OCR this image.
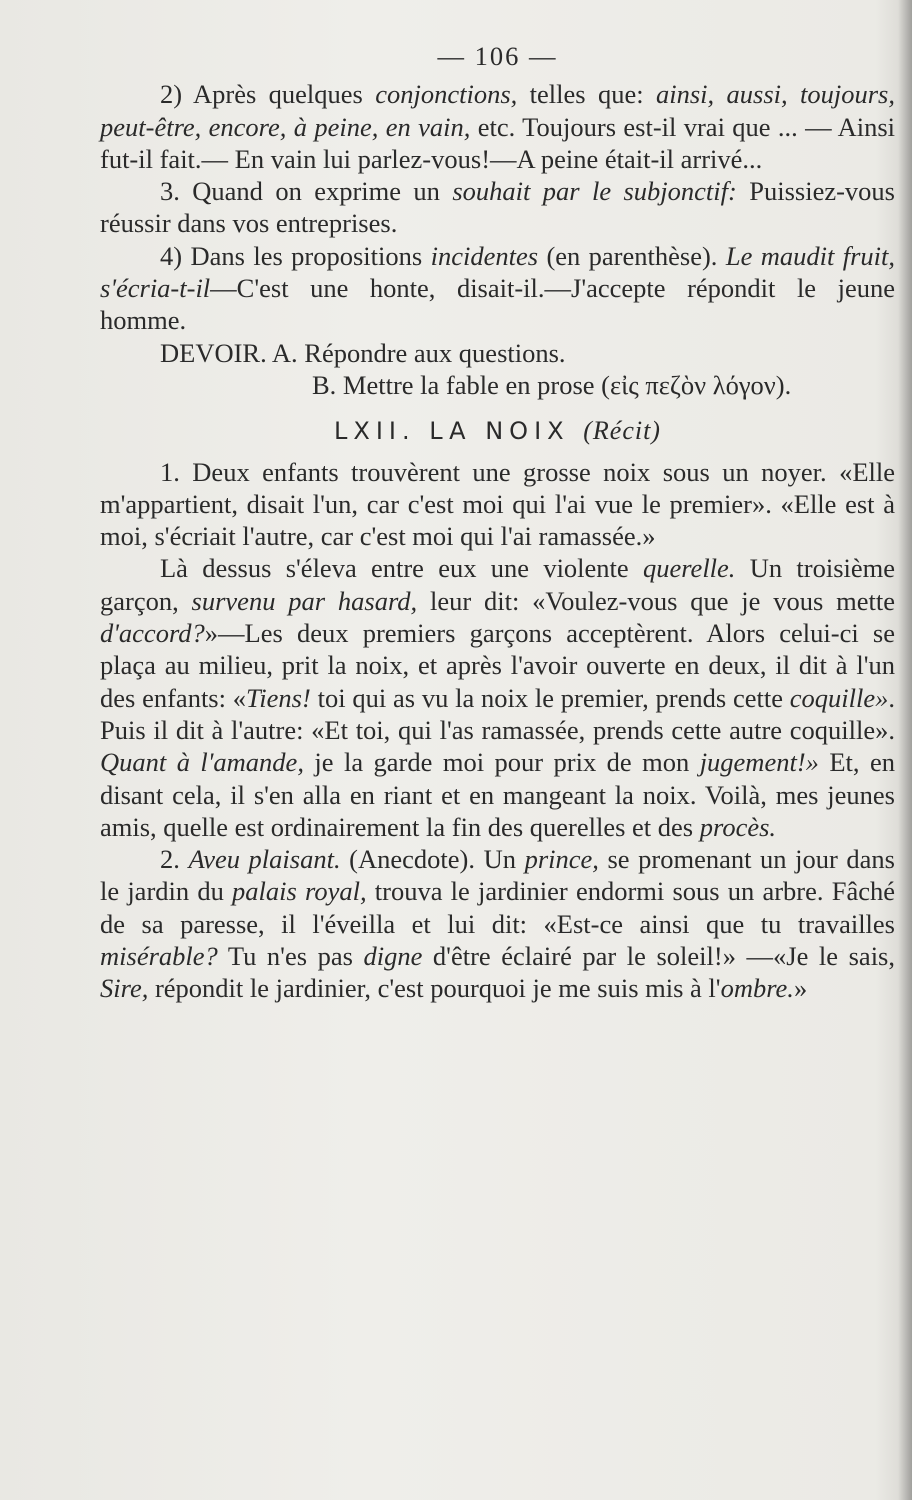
— 106 —

2) Après quelques conjonctions, telles que: ainsi, aussi, toujours, peut-être, encore, à peine, en vain, etc. Toujours est-il vrai que ... — Ainsi fut-il fait.— En vain lui parlez-vous!—A peine était-il arrivé...

3. Quand on exprime un souhait par le subjonctif: Puissiez-vous réussir dans vos entreprises.

4) Dans les propositions incidentes (en parenthèse). Le maudit fruit, s'écria-t-il—C'est une honte, disait-il.—J'accepte répondit le jeune homme.

DEVOIR. A. Répondre aux questions.

B. Mettre la fable en prose (εἰς πεζὸν λόγον).

LXII. LA NOIX (Récit)

1. Deux enfants trouvèrent une grosse noix sous un noyer. «Elle m'appartient, disait l'un, car c'est moi qui l'ai vue le premier». «Elle est à moi, s'écriait l'autre, car c'est moi qui l'ai ramassée.»

Là dessus s'éleva entre eux une violente querelle. Un troisième garçon, survenu par hasard, leur dit: «Voulez-vous que je vous mette d'accord?»—Les deux premiers garçons acceptèrent. Alors celui-ci se plaça au milieu, prit la noix, et après l'avoir ouverte en deux, il dit à l'un des enfants: «Tiens! toi qui as vu la noix le premier, prends cette coquille». Puis il dit à l'autre: «Et toi, qui l'as ramassée, prends cette autre coquille». Quant à l'amande, je la garde moi pour prix de mon jugement!» Et, en disant cela, il s'en alla en riant et en mangeant la noix. Voilà, mes jeunes amis, quelle est ordinairement la fin des querelles et des procès.

2. Aveu plaisant. (Anecdote). Un prince, se promenant un jour dans le jardin du palais royal, trouva le jardinier endormi sous un arbre. Fâché de sa paresse, il l'éveilla et lui dit: «Est-ce ainsi que tu travailles misérable? Tu n'es pas digne d'être éclairé par le soleil!» —«Je le sais, Sire, répondit le jardinier, c'est pourquoi je me suis mis à l'ombre.»
